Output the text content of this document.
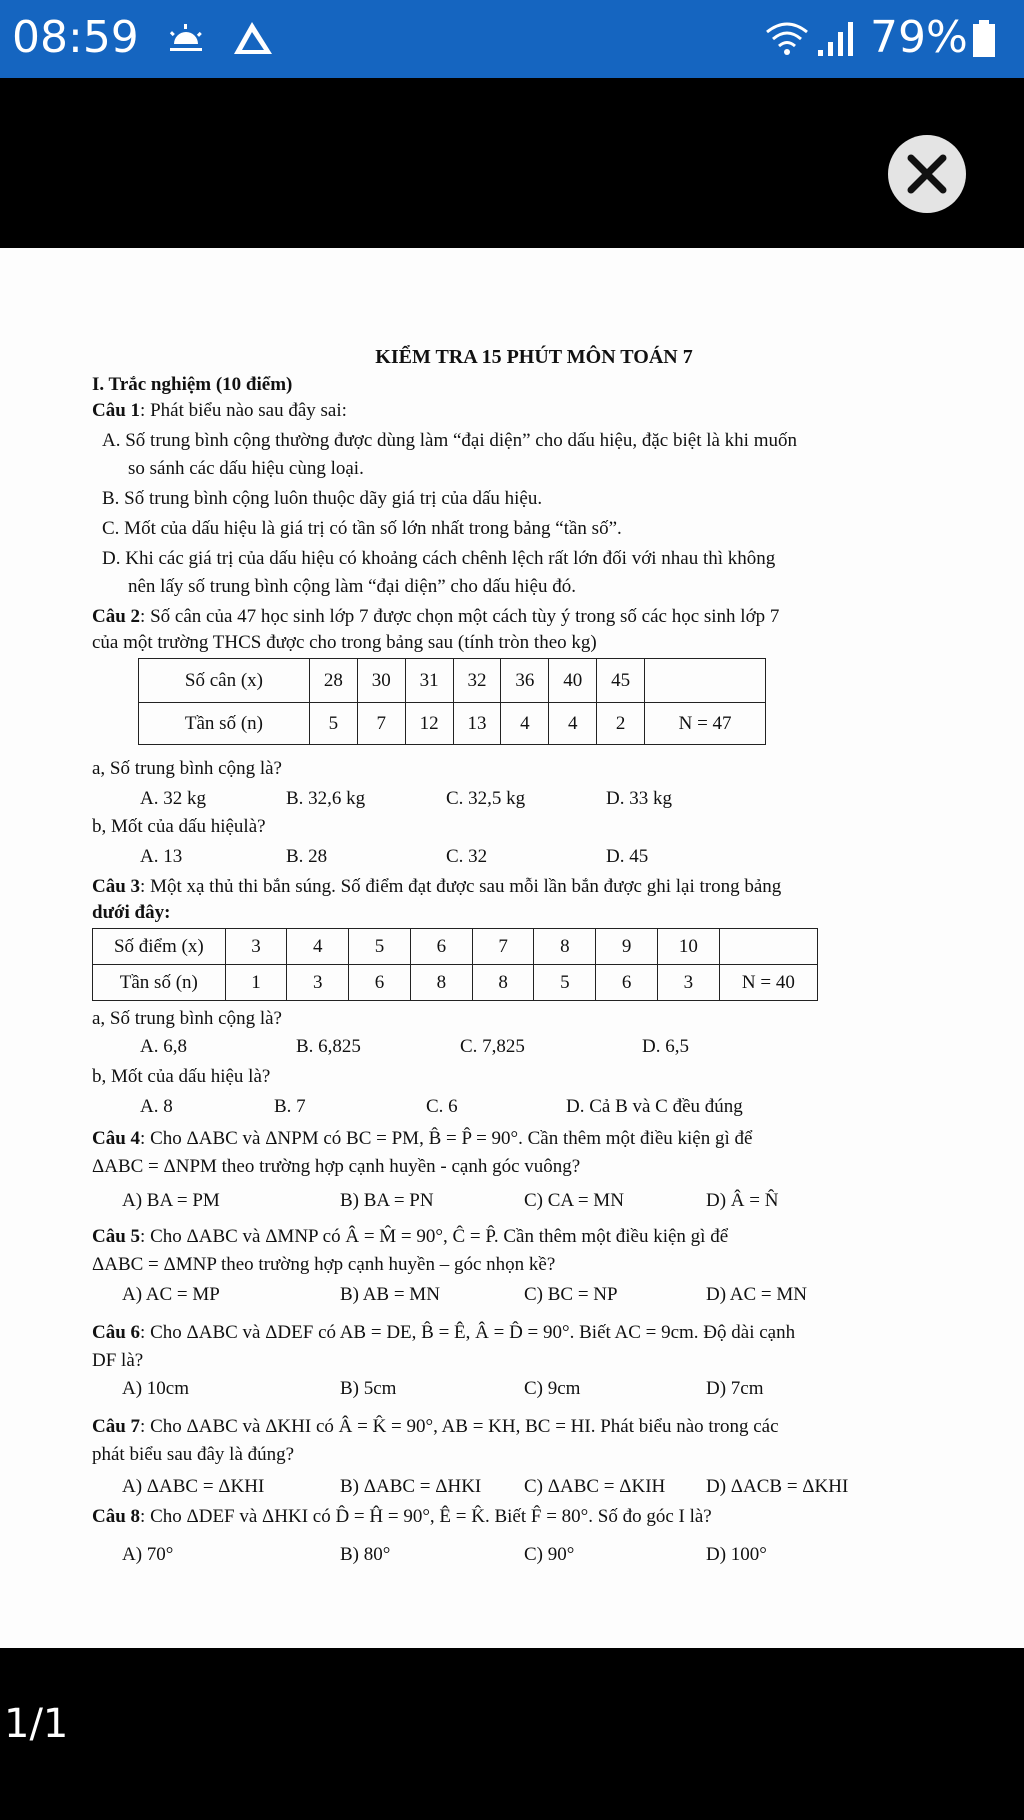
08:59	79%
KIỂM TRA 15 PHÚT MÔN TOÁN 7
I. Trắc nghiệm (10 điểm)
Câu 1: Phát biểu nào sau đây sai:
A. Số trung bình cộng thường được dùng làm “đại diện” cho dấu hiệu, đặc biệt là khi muốn
so sánh các dấu hiệu cùng loại.
B. Số trung bình cộng luôn thuộc dãy giá trị của dấu hiệu.
C. Mốt của dấu hiệu là giá trị có tần số lớn nhất trong bảng “tần số”.
D. Khi các giá trị của dấu hiệu có khoảng cách chênh lệch rất lớn đối với nhau thì không
nên lấy số trung bình cộng làm “đại diện” cho dấu hiệu đó.
Câu 2: Số cân của 47 học sinh lớp 7 được chọn một cách tùy ý trong số các học sinh lớp 7
của một trường THCS được cho trong bảng sau (tính tròn theo kg)
Số cân (x)	28	30	31	32	36	40	45	
Tần số (n)	5	7	12	13	4	4	2	N = 47
a, Số trung bình cộng là?
A. 32 kg	B. 32,6 kg	C. 32,5 kg	D. 33 kg
b, Mốt của dấu hiệulà?
A. 13	B. 28	C. 32	D. 45
Câu 3: Một xạ thủ thi bắn súng. Số điểm đạt được sau mỗi lần bắn được ghi lại trong bảng
dưới đây:
Số điểm (x)	3	4	5	6	7	8	9	10	
Tần số (n)	1	3	6	8	8	5	6	3	N = 40
a, Số trung bình cộng là?
A. 6,8	B. 6,825	C. 7,825	D. 6,5
b, Mốt của dấu hiệu là?
A. 8	B. 7	C. 6	D. Cả B và C đều đúng
Câu 4: Cho ΔABC và ΔNPM có BC = PM, B̂ = P̂ = 90°. Cần thêm một điều kiện gì để
ΔABC = ΔNPM theo trường hợp cạnh huyền - cạnh góc vuông?
A) BA = PM	B) BA = PN	C) CA = MN	D) Â = N̂
Câu 5: Cho ΔABC và ΔMNP có Â = M̂ = 90°, Ĉ = P̂. Cần thêm một điều kiện gì để
ΔABC = ΔMNP theo trường hợp cạnh huyền – góc nhọn kề?
A) AC = MP	B) AB = MN	C) BC = NP	D) AC = MN
Câu 6: Cho ΔABC và ΔDEF có AB = DE, B̂ = Ê, Â = D̂ = 90°. Biết AC = 9cm. Độ dài cạnh
DF là?
A) 10cm	B) 5cm	C) 9cm	D) 7cm
Câu 7: Cho ΔABC và ΔKHI có Â = K̂ = 90°, AB = KH, BC = HI. Phát biểu nào trong các
phát biểu sau đây là đúng?
A) ΔABC = ΔKHI	B) ΔABC = ΔHKI C) ΔABC = ΔKIH D) ΔACB = ΔKHI
Câu 8: Cho ΔDEF và ΔHKI có D̂ = Ĥ = 90°, Ê = K̂. Biết F̂ = 80°. Số đo góc I là?
A) 70°	B) 80°	C) 90°	D) 100°
1/1
